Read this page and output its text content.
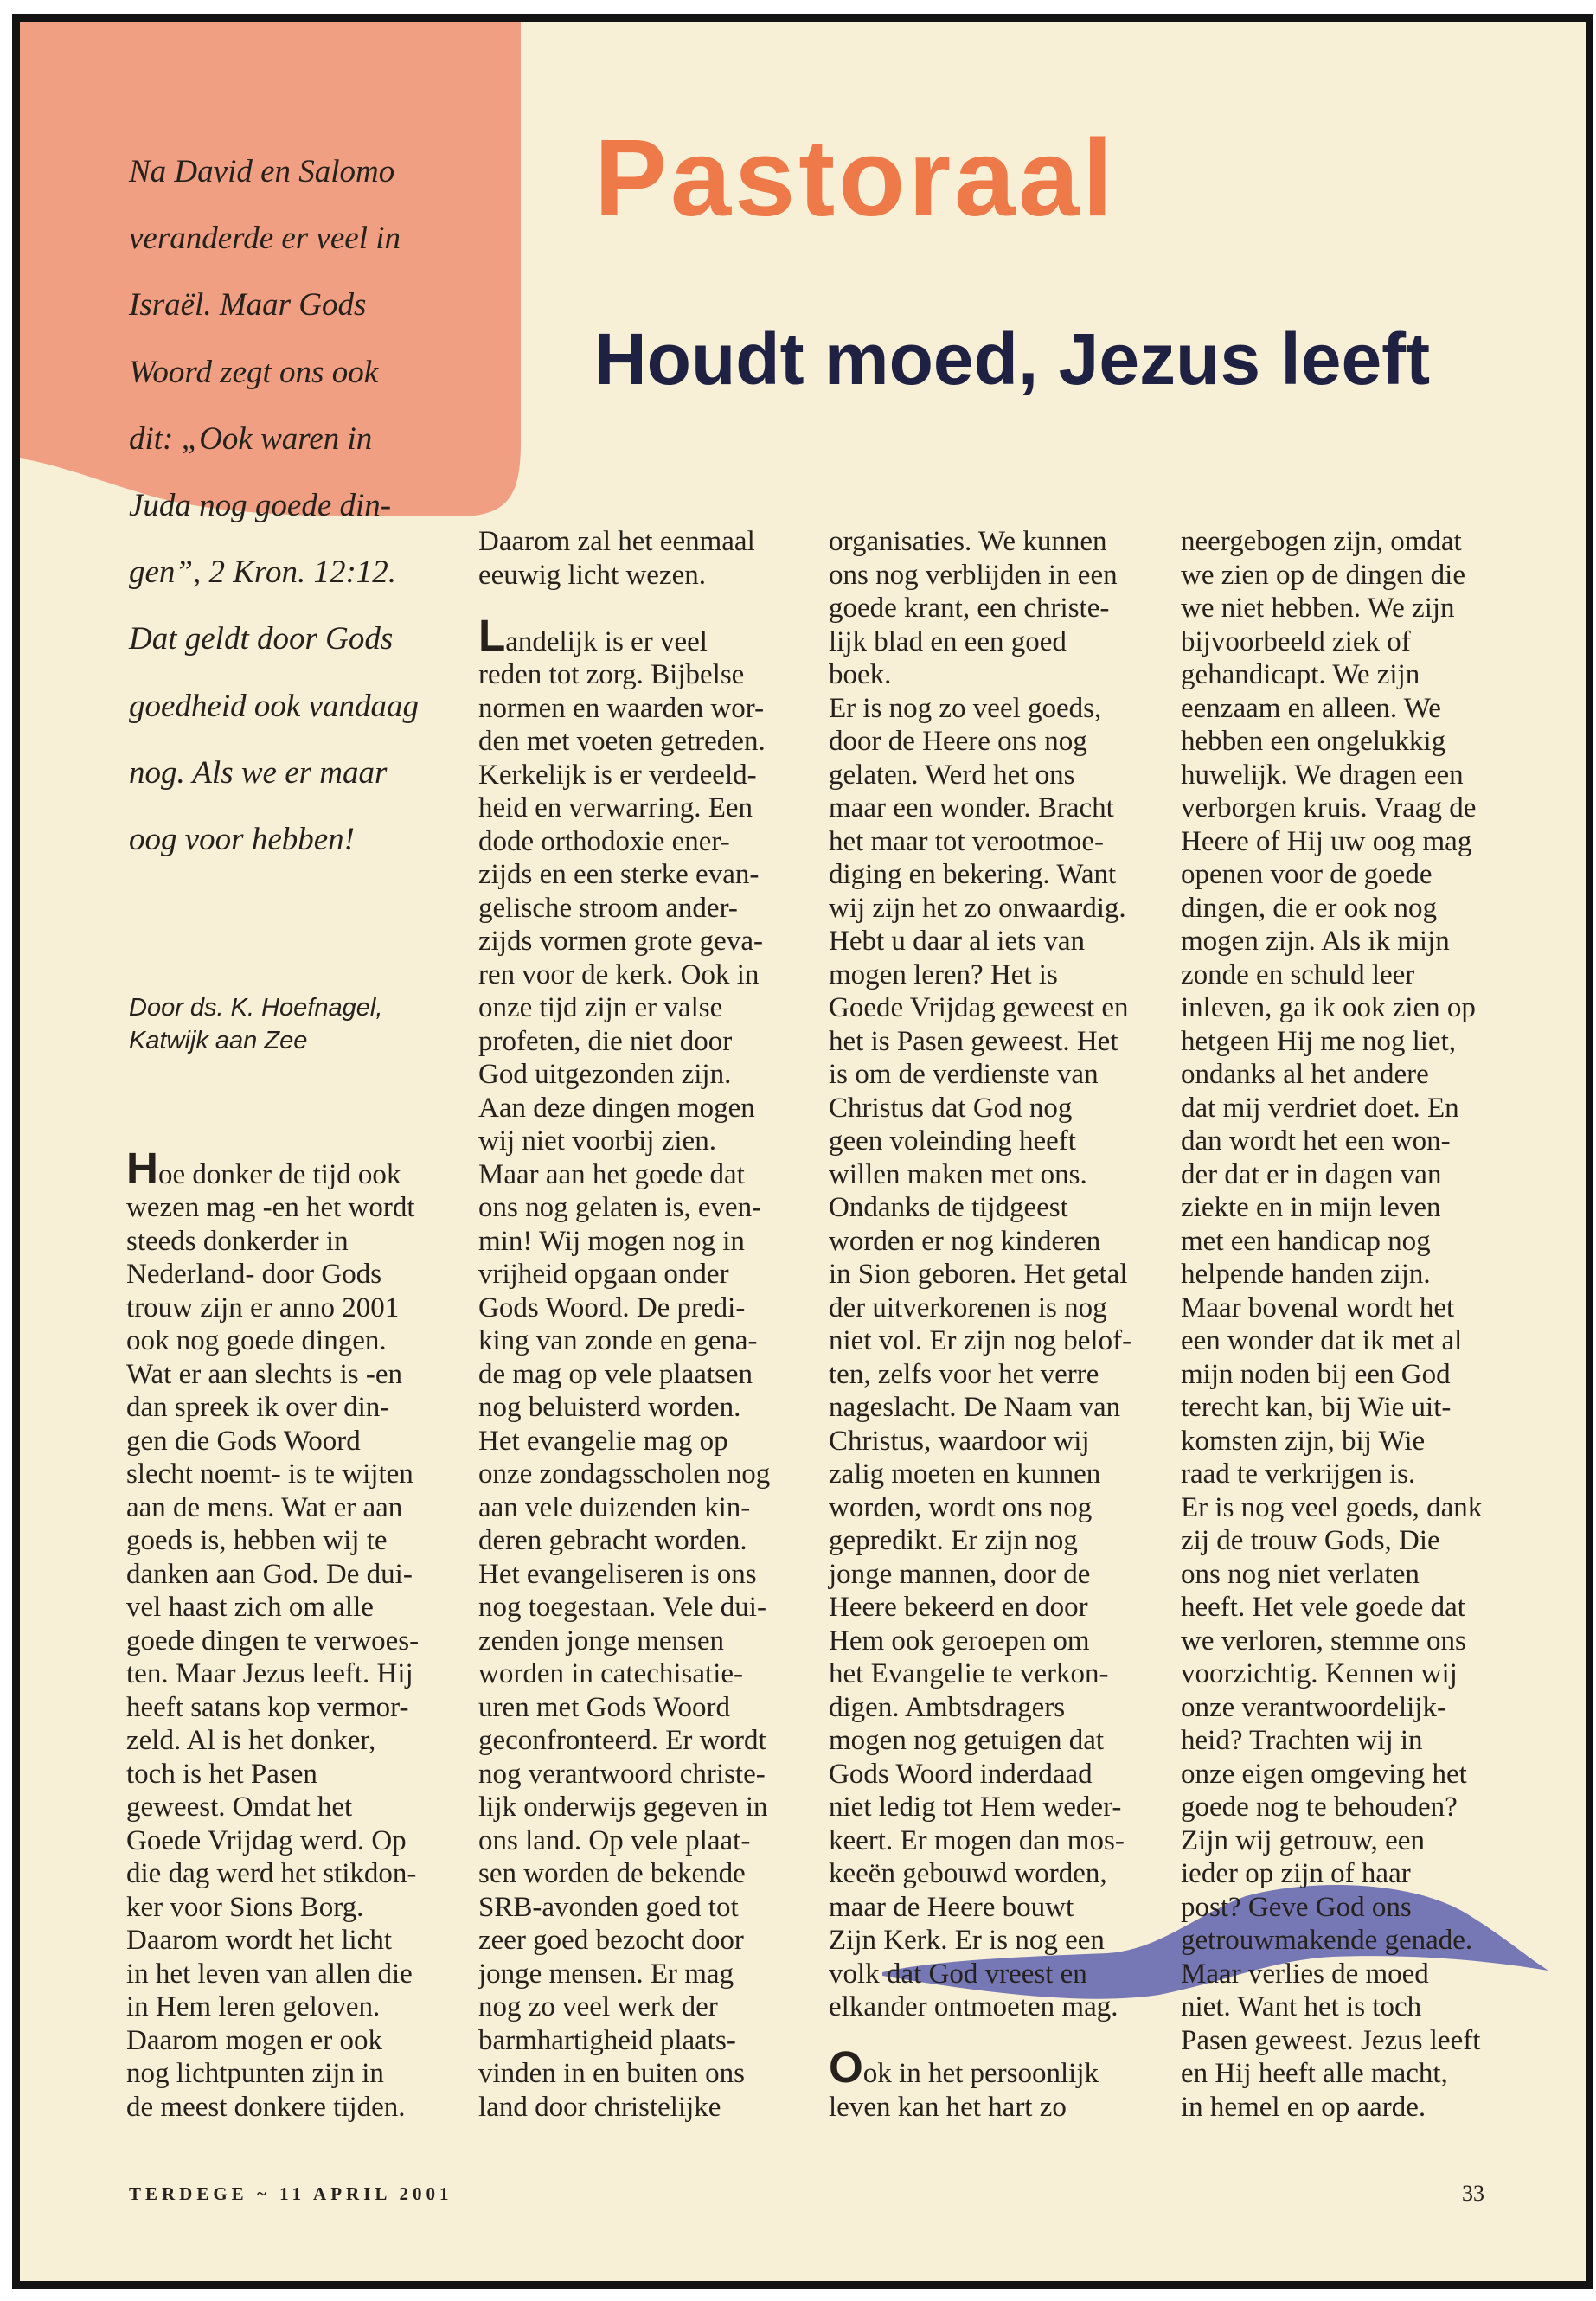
Pastoraal
Houdt moed, Jezus leeft
Na David en Salomo
veranderde er veel in
Israël. Maar Gods
Woord zegt ons ook
dit: „Ook waren in
Juda nog goede din-
gen”, 2 Kron. 12:12.
Dat geldt door Gods
goedheid ook vandaag
nog. Als we er maar
oog voor hebben!
Door ds. K. Hoefnagel,
Katwijk aan Zee
Hoe donker de tijd ook
wezen mag -en het wordt
steeds donkerder in
Nederland- door Gods
trouw zijn er anno 2001
ook nog goede dingen.
Wat er aan slechts is -en
dan spreek ik over din-
gen die Gods Woord
slecht noemt- is te wijten
aan de mens. Wat er aan
goeds is, hebben wij te
danken aan God. De dui-
vel haast zich om alle
goede dingen te verwoes-
ten. Maar Jezus leeft. Hij
heeft satans kop vermor-
zeld. Al is het donker,
toch is het Pasen
geweest. Omdat het
Goede Vrijdag werd. Op
die dag werd het stikdon-
ker voor Sions Borg.
Daarom wordt het licht
in het leven van allen die
in Hem leren geloven.
Daarom mogen er ook
nog lichtpunten zijn in
de meest donkere tijden.
Daarom zal het eenmaal
eeuwig licht wezen.
Landelijk is er veel
reden tot zorg. Bijbelse
normen en waarden wor-
den met voeten getreden.
Kerkelijk is er verdeeld-
heid en verwarring. Een
dode orthodoxie ener-
zijds en een sterke evan-
gelische stroom ander-
zijds vormen grote geva-
ren voor de kerk. Ook in
onze tijd zijn er valse
profeten, die niet door
God uitgezonden zijn.
Aan deze dingen mogen
wij niet voorbij zien.
Maar aan het goede dat
ons nog gelaten is, even-
min! Wij mogen nog in
vrijheid opgaan onder
Gods Woord. De predi-
king van zonde en gena-
de mag op vele plaatsen
nog beluisterd worden.
Het evangelie mag op
onze zondagsscholen nog
aan vele duizenden kin-
deren gebracht worden.
Het evangeliseren is ons
nog toegestaan. Vele dui-
zenden jonge mensen
worden in catechisatie-
uren met Gods Woord
geconfronteerd. Er wordt
nog verantwoord christe-
lijk onderwijs gegeven in
ons land. Op vele plaat-
sen worden de bekende
SRB-avonden goed tot
zeer goed bezocht door
jonge mensen. Er mag
nog zo veel werk der
barmhartigheid plaats-
vinden in en buiten ons
land door christelijke
organisaties. We kunnen
ons nog verblijden in een
goede krant, een christe-
lijk blad en een goed
boek.
Er is nog zo veel goeds,
door de Heere ons nog
gelaten. Werd het ons
maar een wonder. Bracht
het maar tot verootmoe-
diging en bekering. Want
wij zijn het zo onwaardig.
Hebt u daar al iets van
mogen leren? Het is
Goede Vrijdag geweest en
het is Pasen geweest. Het
is om de verdienste van
Christus dat God nog
geen voleinding heeft
willen maken met ons.
Ondanks de tijdgeest
worden er nog kinderen
in Sion geboren. Het getal
der uitverkorenen is nog
niet vol. Er zijn nog belof-
ten, zelfs voor het verre
nageslacht. De Naam van
Christus, waardoor wij
zalig moeten en kunnen
worden, wordt ons nog
gepredikt. Er zijn nog
jonge mannen, door de
Heere bekeerd en door
Hem ook geroepen om
het Evangelie te verkon-
digen. Ambtsdragers
mogen nog getuigen dat
Gods Woord inderdaad
niet ledig tot Hem weder-
keert. Er mogen dan mos-
keeën gebouwd worden,
maar de Heere bouwt
Zijn Kerk. Er is nog een
volk dat God vreest en
elkander ontmoeten mag.
Ook in het persoonlijk
leven kan het hart zo
neergebogen zijn, omdat
we zien op de dingen die
we niet hebben. We zijn
bijvoorbeeld ziek of
gehandicapt. We zijn
eenzaam en alleen. We
hebben een ongelukkig
huwelijk. We dragen een
verborgen kruis. Vraag de
Heere of Hij uw oog mag
openen voor de goede
dingen, die er ook nog
mogen zijn. Als ik mijn
zonde en schuld leer
inleven, ga ik ook zien op
hetgeen Hij me nog liet,
ondanks al het andere
dat mij verdriet doet. En
dan wordt het een won-
der dat er in dagen van
ziekte en in mijn leven
met een handicap nog
helpende handen zijn.
Maar bovenal wordt het
een wonder dat ik met al
mijn noden bij een God
terecht kan, bij Wie uit-
komsten zijn, bij Wie
raad te verkrijgen is.
Er is nog veel goeds, dank
zij de trouw Gods, Die
ons nog niet verlaten
heeft. Het vele goede dat
we verloren, stemme ons
voorzichtig. Kennen wij
onze verantwoordelijk-
heid? Trachten wij in
onze eigen omgeving het
goede nog te behouden?
Zijn wij getrouw, een
ieder op zijn of haar
post? Geve God ons
getrouwmakende genade.
Maar verlies de moed
niet. Want het is toch
Pasen geweest. Jezus leeft
en Hij heeft alle macht,
in hemel en op aarde.
TERDEGE ~ 11 APRIL 2001	33
